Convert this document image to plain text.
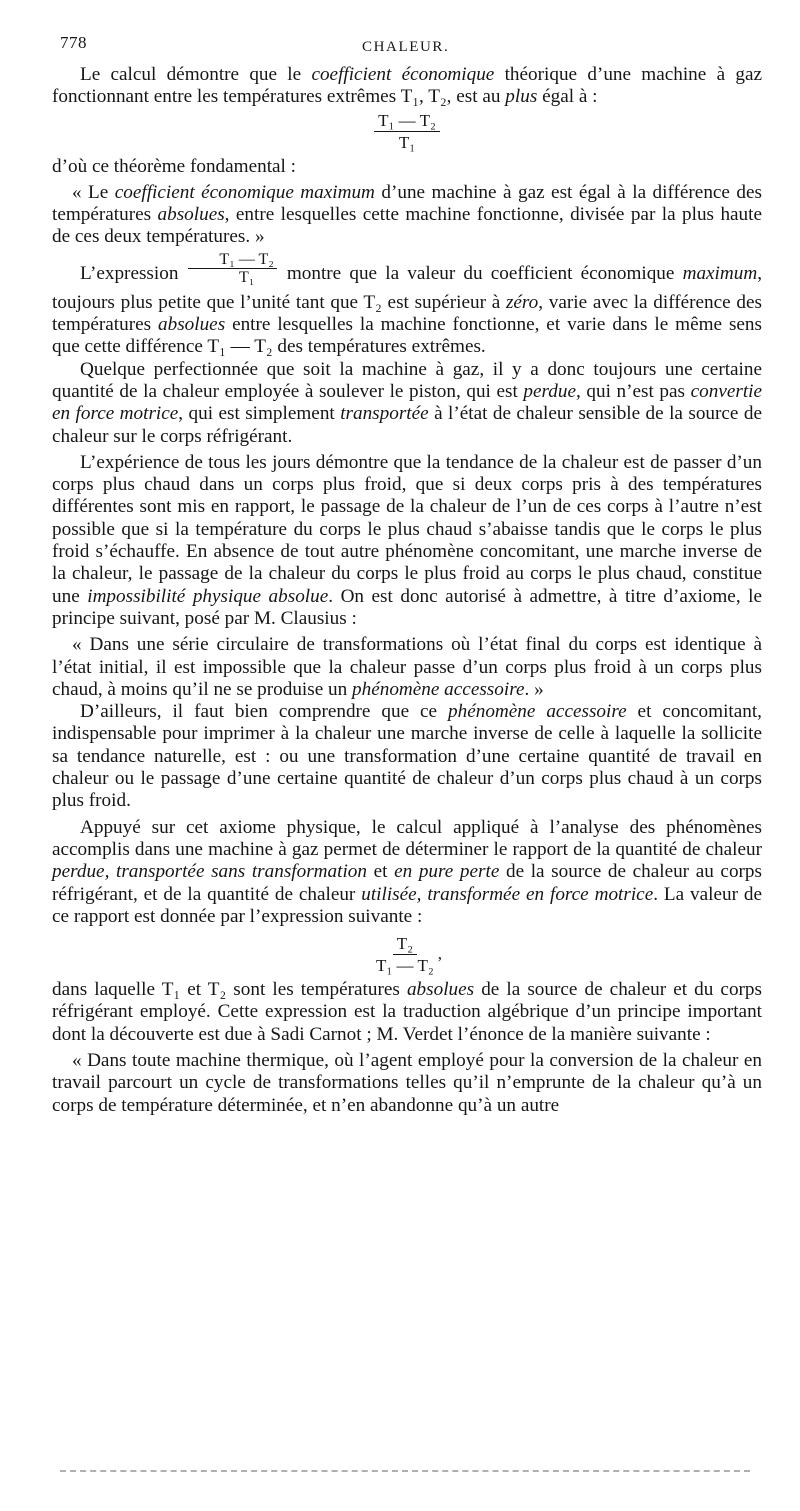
778	CHALEUR.

Le calcul démontre que le coefficient économique théorique d’une machine à gaz fonctionnant entre les températures extrêmes T₁, T₂, est au plus égal à :

$\frac{\text{T₁ — T₂}}{\text{T₁}}$

d’où ce théorème fondamental :

« Le coefficient économique maximum d’une machine à gaz est égal à la différence des températures absolues, entre lesquelles cette machine fonctionne, divisée par la plus haute de ces deux températures. »

L’expression $\frac{\text{T₁ — T₂}}{\text{T₁}}$ montre que la valeur du coefficient économique maximum, toujours plus petite que l’unité tant que T₂ est supérieur à zéro, varie avec la différence des températures absolues entre lesquelles la machine fonctionne, et varie dans le même sens que cette différence T₁ — T₂ des températures extrêmes.

Quelque perfectionnée que soit la machine à gaz, il y a donc toujours une certaine quantité de la chaleur employée à soulever le piston, qui est perdue, qui n’est pas convertie en force motrice, qui est simplement transportée à l’état de chaleur sensible de la source de chaleur sur le corps réfrigérant.

L’expérience de tous les jours démontre que la tendance de la chaleur est de passer d’un corps plus chaud dans un corps plus froid, que si deux corps pris à des températures différentes sont mis en rapport, le passage de la chaleur de l’un de ces corps à l’autre n’est possible que si la température du corps le plus chaud s’abaisse tandis que le corps le plus froid s’échauffe. En absence de tout autre phénomène concomitant, une marche inverse de la chaleur, le passage de la chaleur du corps le plus froid au corps le plus chaud, constitue une impossibilité physique absolue. On est donc autorisé à admettre, à titre d’axiome, le principe suivant, posé par M. Clausius :

« Dans une série circulaire de transformations où l’état final du corps est identique à l’état initial, il est impossible que la chaleur passe d’un corps plus froid à un corps plus chaud, à moins qu’il ne se produise un phénomène accessoire. »

D’ailleurs, il faut bien comprendre que ce phénomène accessoire et concomitant, indispensable pour imprimer à la chaleur une marche inverse de celle à laquelle la sollicite sa tendance naturelle, est : ou une transformation d’une certaine quantité de travail en chaleur ou le passage d’une certaine quantité de chaleur d’un corps plus chaud à un corps plus froid.

Appuyé sur cet axiome physique, le calcul appliqué à l’analyse des phénomènes accomplis dans une machine à gaz permet de déterminer le rapport de la quantité de chaleur perdue, transportée sans transformation et en pure perte de la source de chaleur au corps réfrigérant, et de la quantité de chaleur utilisée, transformée en force motrice. La valeur de ce rapport est donnée par l’expression suivante :

$\frac{\text{T₂}}{\text{T₁ — T₂}}$ ,

dans laquelle T₁ et T₂ sont les températures absolues de la source de chaleur et du corps réfrigérant employé. Cette expression est la traduction algébrique d’un principe important dont la découverte est due à Sadi Carnot ; M. Verdet l’énonce de la manière suivante :

« Dans toute machine thermique, où l’agent employé pour la conversion de la chaleur en travail parcourt un cycle de transformations telles qu’il n’emprunte de la chaleur qu’à un corps de température déterminée, et n’en abandonne qu’à un autre
